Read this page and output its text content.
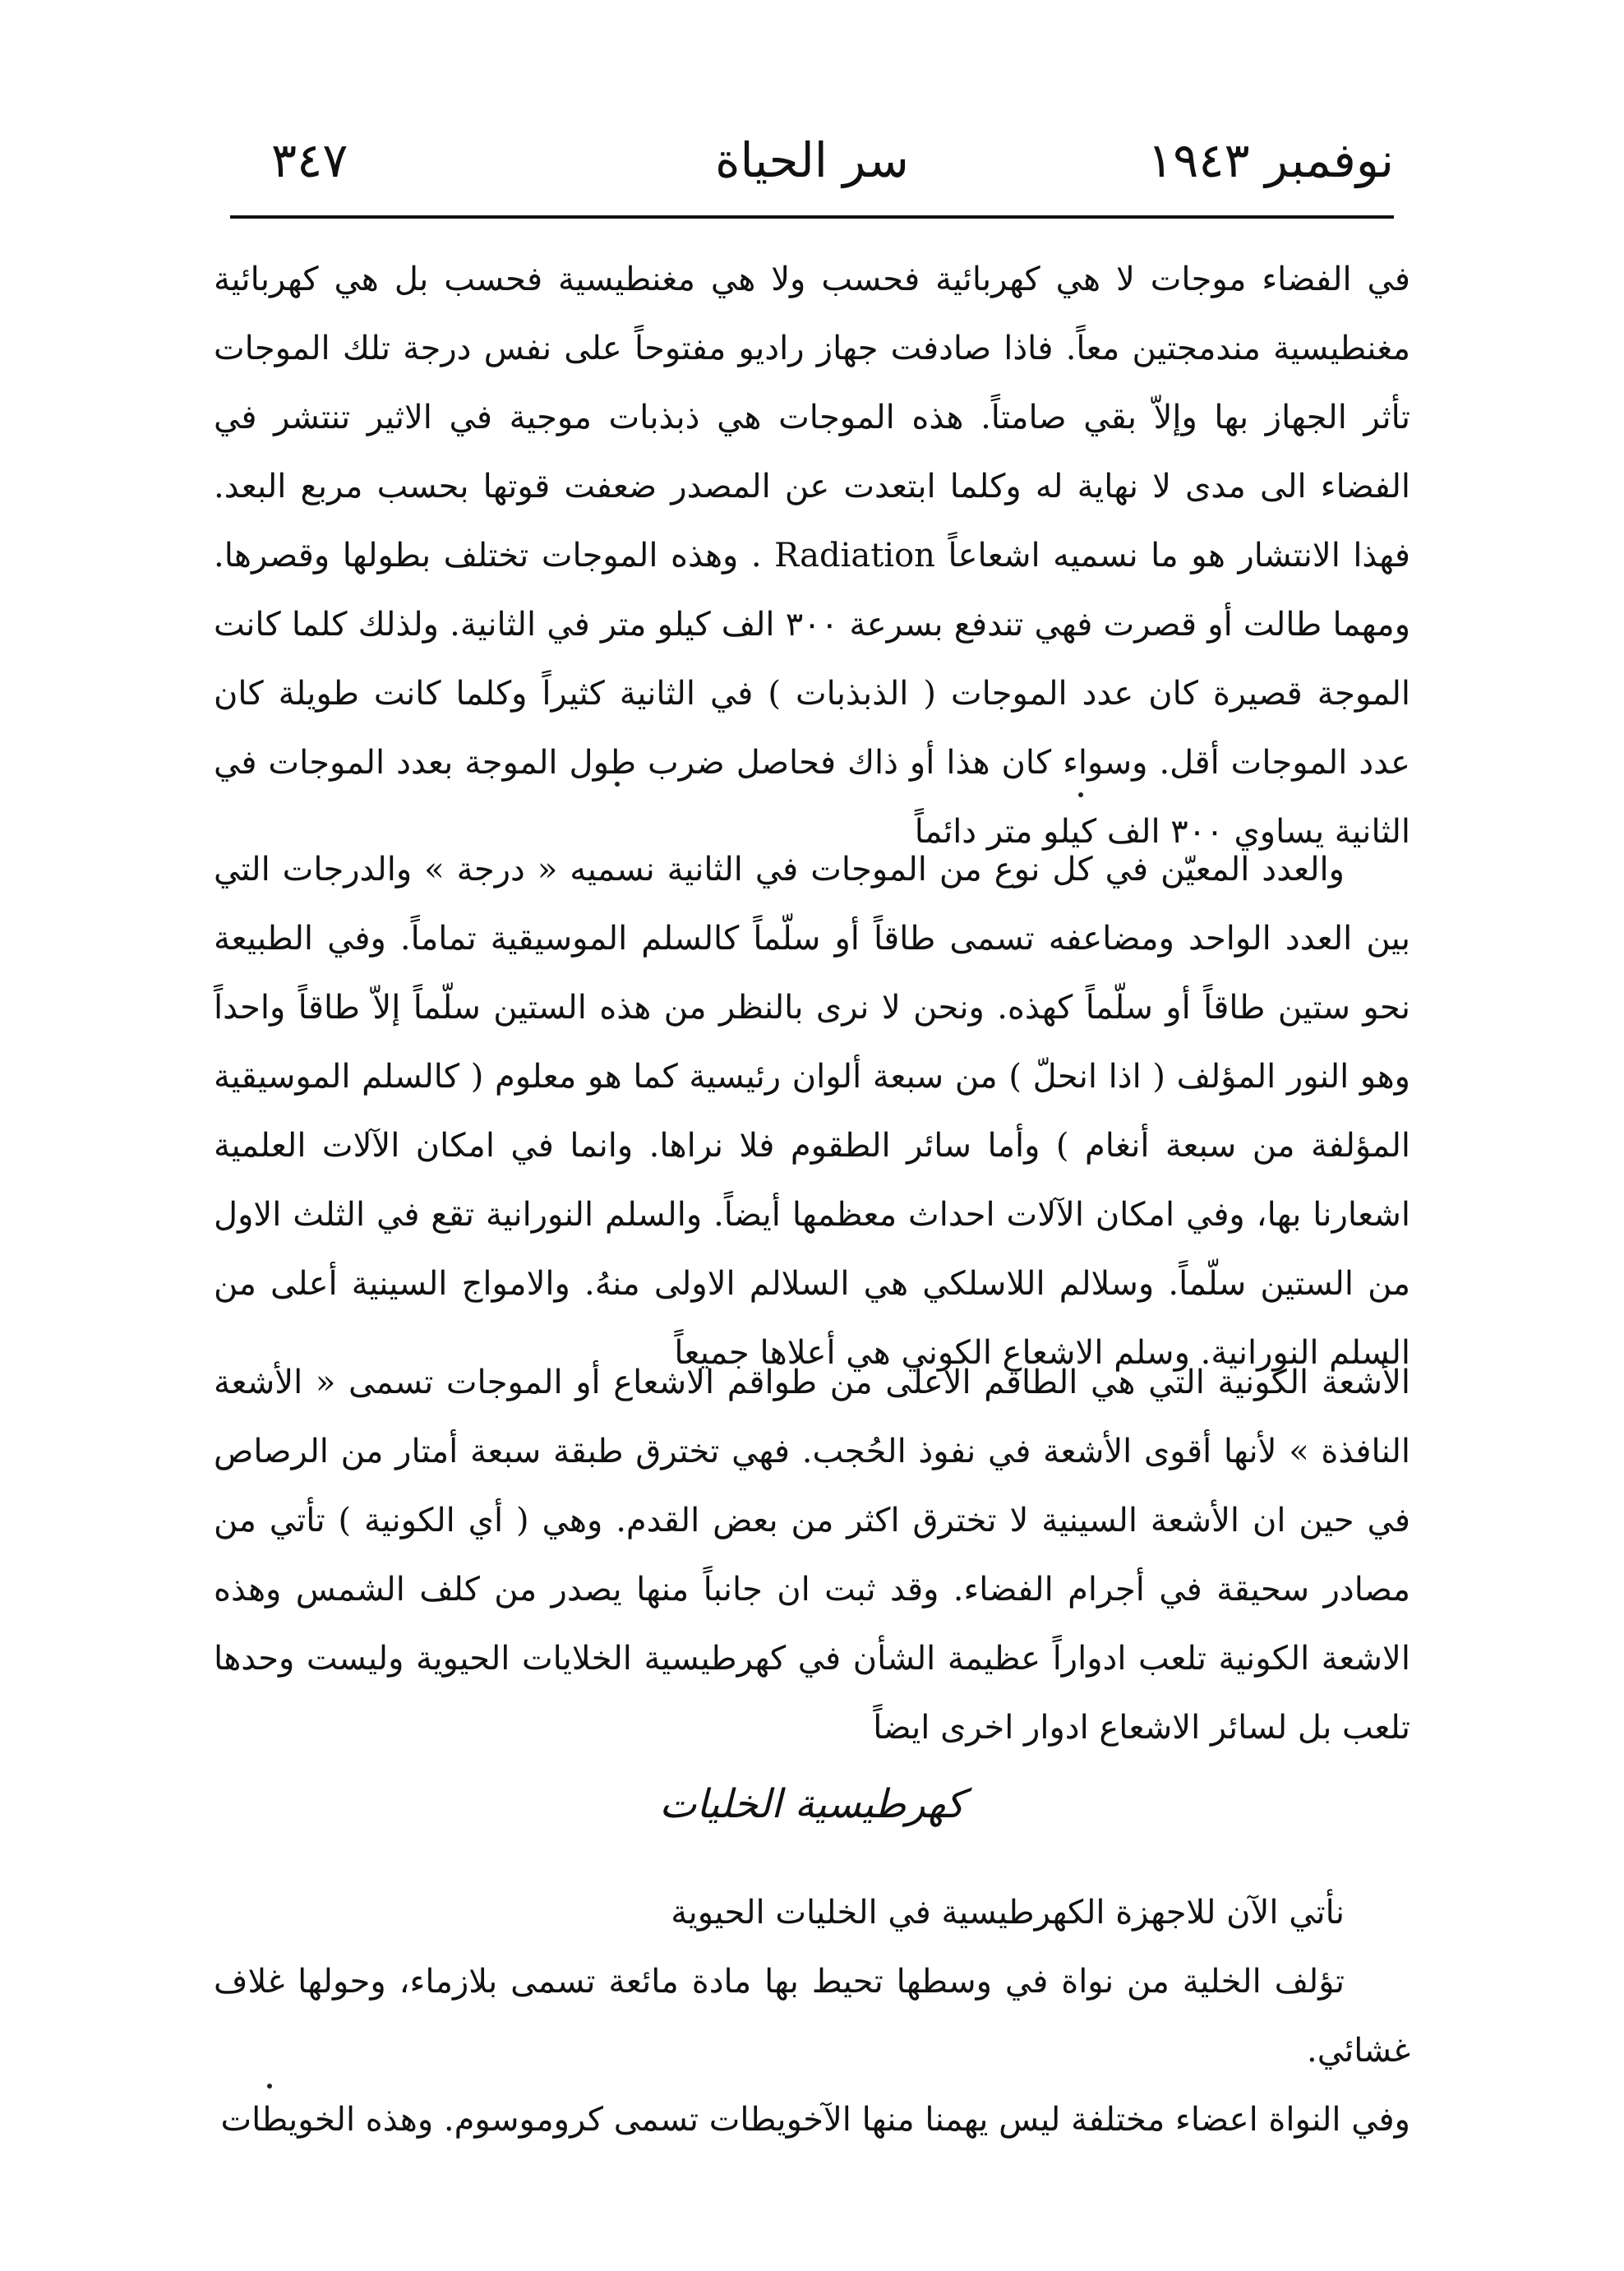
نوفمبر ١٩٤٣
سر الحياة
٣٤٧

في الفضاء موجات لا هي كهربائية فحسب ولا هي مغنطيسية فحسب بل هي كهربائية مغنطيسية مندمجتين معاً. فاذا صادفت جهاز راديو مفتوحاً على نفس درجة تلك الموجات تأثر الجهاز بها وإلاّ بقي صامتاً. هذه الموجات هي ذبذبات موجية في الاثير تنتشر في الفضاء الى مدى لا نهاية له وكلما ابتعدت عن المصدر ضعفت قوتها بحسب مربع البعد. فهذا الانتشار هو ما نسميه اشعاعاً Radiation . وهذه الموجات تختلف بطولها وقصرها. ومهما طالت أو قصرت فهي تندفع بسرعة ٣٠٠ الف كيلو متر في الثانية. ولذلك كلما كانت الموجة قصيرة كان عدد الموجات ( الذبذبات ) في الثانية كثيراً وكلما كانت طويلة كان عدد الموجات أقل. وسواء كان هذا أو ذاك فحاصل ضرب طول الموجة بعدد الموجات في الثانية يساوي ٣٠٠ الف كيلو متر دائماً

والعدد المعيّن في كل نوع من الموجات في الثانية نسميه « درجة » والدرجات التي بين العدد الواحد ومضاعفه تسمى طاقاً أو سلّماً كالسلم الموسيقية تماماً. وفي الطبيعة نحو ستين طاقاً أو سلّماً كهذه. ونحن لا نرى بالنظر من هذه الستين سلّماً إلاّ طاقاً واحداً وهو النور المؤلف ( اذا انحلّ ) من سبعة ألوان رئيسية كما هو معلوم ( كالسلم الموسيقية المؤلفة من سبعة أنغام ) وأما سائر الطقوم فلا نراها. وانما في امكان الآلات العلمية اشعارنا بها، وفي امكان الآلات احداث معظمها أيضاً. والسلم النورانية تقع في الثلث الاول من الستين سلّماً. وسلالم اللاسلكي هي السلالم الاولى منهُ. والامواج السينية أعلى من السلم النورانية. وسلم الاشعاع الكوني هي أعلاها جميعاً

الأشعة الكونية التي هي الطاقم الاعلى من طواقم الاشعاع أو الموجات تسمى « الأشعة النافذة » لأنها أقوى الأشعة في نفوذ الحُجب. فهي تخترق طبقة سبعة أمتار من الرصاص في حين ان الأشعة السينية لا تخترق اكثر من بعض القدم. وهي ( أي الكونية ) تأتي من مصادر سحيقة في أجرام الفضاء. وقد ثبت ان جانباً منها يصدر من كلف الشمس وهذه الاشعة الكونية تلعب ادواراً عظيمة الشأن في كهرطيسية الخلايات الحيوية وليست وحدها تلعب بل لسائر الاشعاع ادوار اخرى ايضاً

كهرطيسية الخليات

نأتي الآن للاجهزة الكهرطيسية في الخليات الحيوية

تؤلف الخلية من نواة في وسطها تحيط بها مادة مائعة تسمى بلازماء، وحولها غلاف غشائي.

وفي النواة اعضاء مختلفة ليس يهمنا منها الآخويطات تسمى كروموسوم. وهذه الخويطات
